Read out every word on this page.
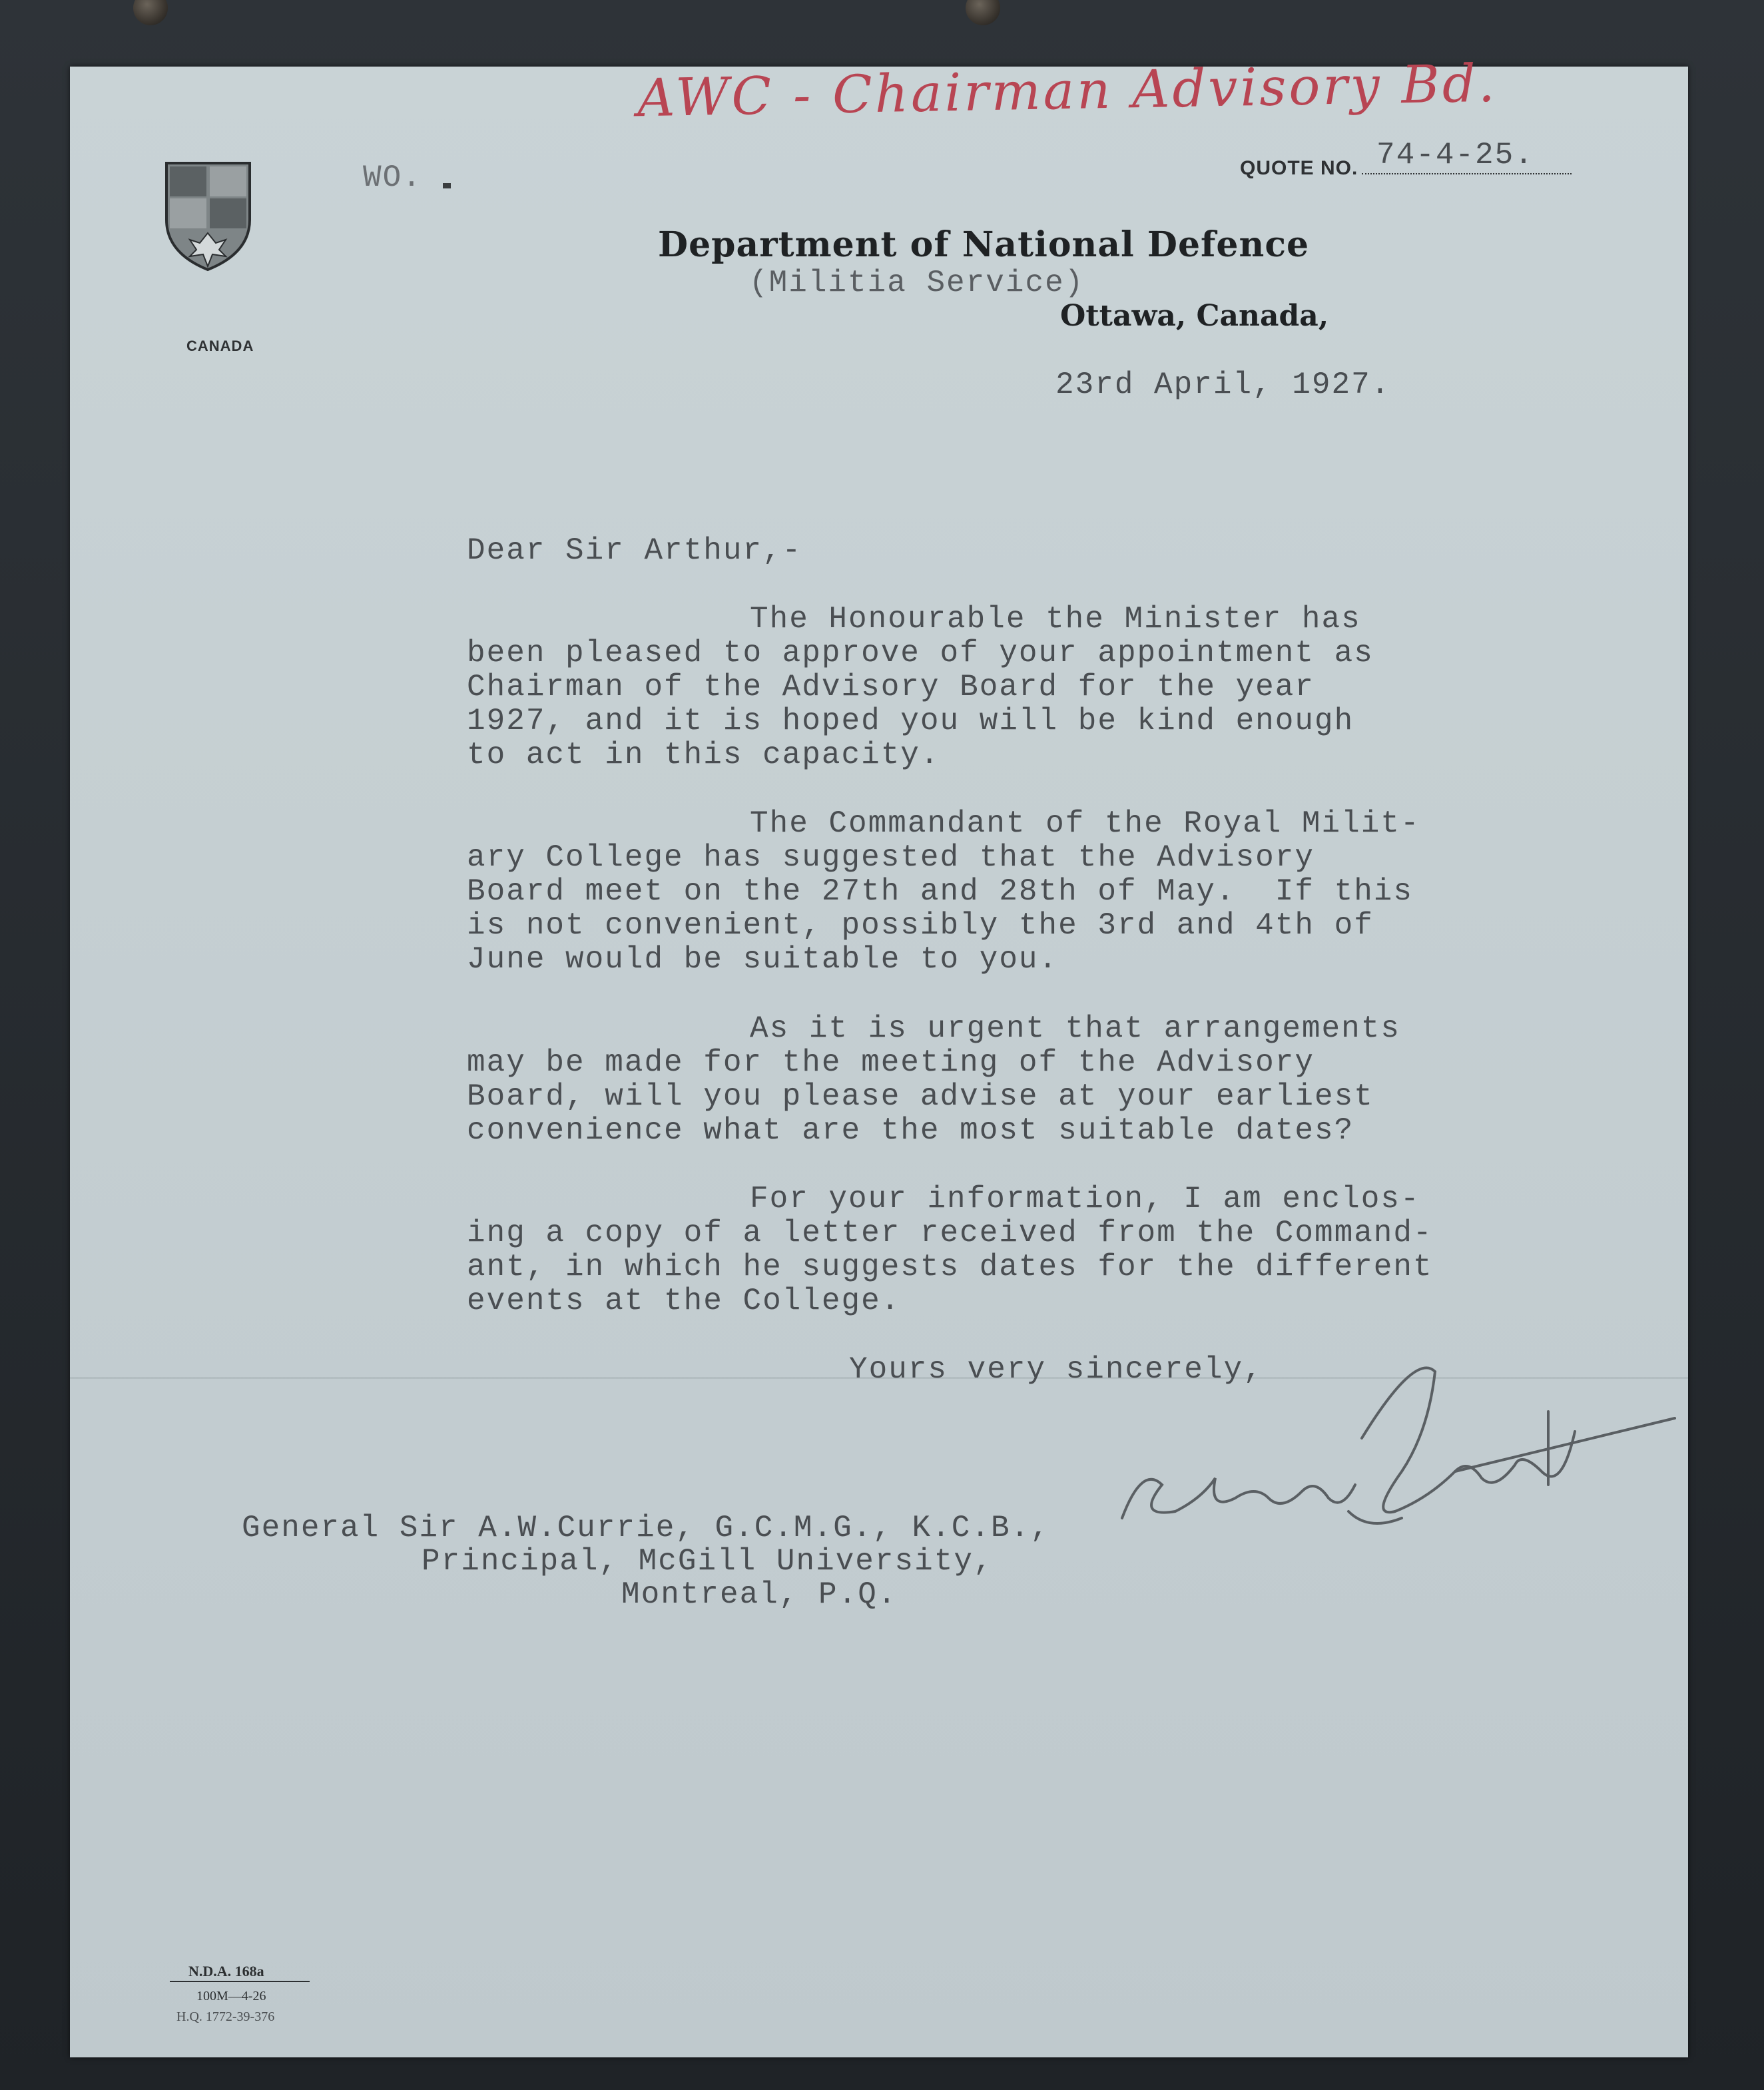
AWC - Chairman Advisory Bd.
CANADA
WO.	QUOTE NO. 74-4-25.
Department of National Defence
(Militia Service)
Ottawa, Canada,
23rd April, 1927.
Dear Sir Arthur,-
The Honourable the Minister has
been pleased to approve of your appointment as
Chairman of the Advisory Board for the year
1927, and it is hoped you will be kind enough
to act in this capacity.
The Commandant of the Royal Milit-
ary College has suggested that the Advisory
Board meet on the 27th and 28th of May.  If this
is not convenient, possibly the 3rd and 4th of
June would be suitable to you.
As it is urgent that arrangements
may be made for the meeting of the Advisory
Board, will you please advise at your earliest
convenience what are the most suitable dates?
For your information, I am enclos-
ing a copy of a letter received from the Command-
ant, in which he suggests dates for the different
events at the College.
Yours very sincerely,
General Sir A.W.Currie, G.C.M.G., K.C.B.,
Principal, McGill University,
Montreal, P.Q.
N.D.A. 168a
100M—4-26
H.Q. 1772-39-376
